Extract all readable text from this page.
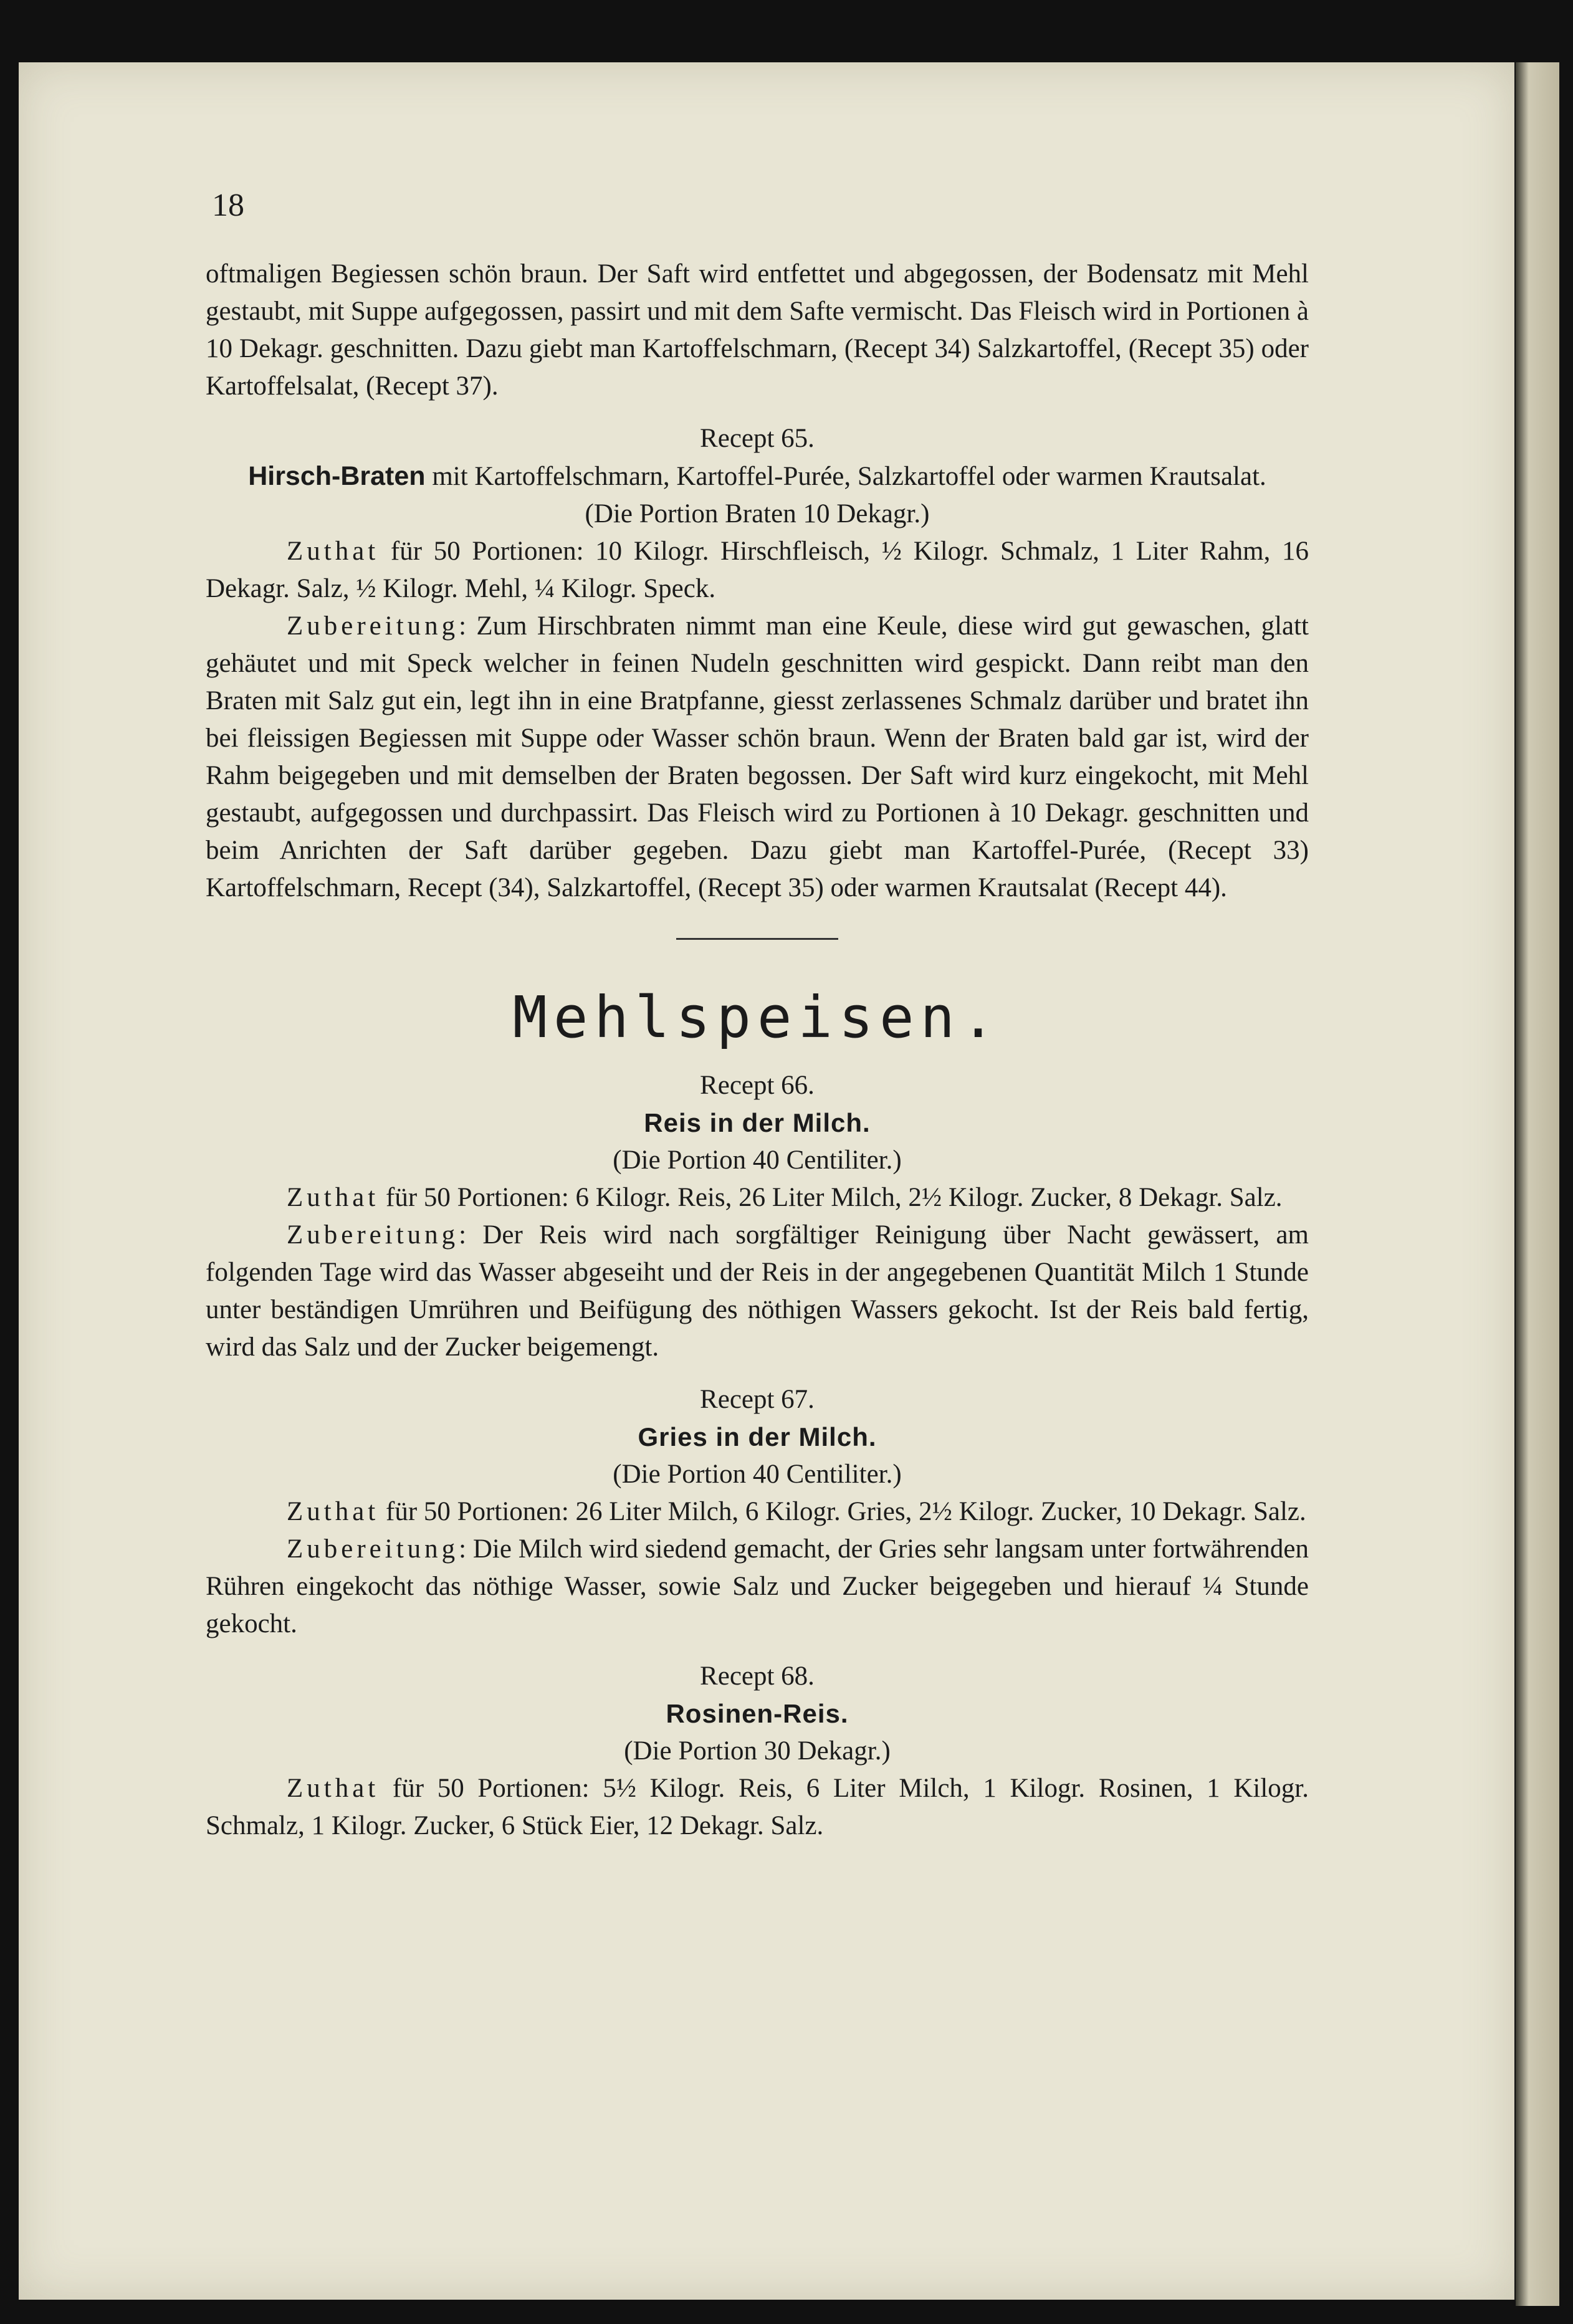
18

oftmaligen Begiessen schön braun. Der Saft wird entfettet und abgegossen, der Bodensatz mit Mehl gestaubt, mit Suppe aufgegossen, passirt und mit dem Safte vermischt. Das Fleisch wird in Portionen à 10 Dekagr. geschnitten. Dazu giebt man Kartoffelschmarn, (Recept 34) Salzkartoffel, (Recept 35) oder Kartoffelsalat, (Recept 37).

Recept 65.

Hirsch-Braten mit Kartoffelschmarn, Kartoffel-Purée, Salzkartoffel oder warmen Krautsalat.

(Die Portion Braten 10 Dekagr.)

Zuthat für 50 Portionen: 10 Kilogr. Hirschfleisch, ½ Kilogr. Schmalz, 1 Liter Rahm, 16 Dekagr. Salz, ½ Kilogr. Mehl, ¼ Kilogr. Speck.

Zubereitung: Zum Hirschbraten nimmt man eine Keule, diese wird gut gewaschen, glatt gehäutet und mit Speck welcher in feinen Nudeln geschnitten wird gespickt. Dann reibt man den Braten mit Salz gut ein, legt ihn in eine Bratpfanne, giesst zerlassenes Schmalz darüber und bratet ihn bei fleissigen Begiessen mit Suppe oder Wasser schön braun. Wenn der Braten bald gar ist, wird der Rahm beigegeben und mit demselben der Braten begossen. Der Saft wird kurz eingekocht, mit Mehl gestaubt, aufgegossen und durchpassirt. Das Fleisch wird zu Portionen à 10 Dekagr. geschnitten und beim Anrichten der Saft darüber gegeben. Dazu giebt man Kartoffel-Purée, (Recept 33) Kartoffelschmarn, Recept (34), Salzkartoffel, (Recept 35) oder warmen Krautsalat (Recept 44).

Mehlspeisen.
Recept 66.
Reis in der Milch.
(Die Portion 40 Centiliter.)

Zuthat für 50 Portionen: 6 Kilogr. Reis, 26 Liter Milch, 2½ Kilogr. Zucker, 8 Dekagr. Salz.

Zubereitung: Der Reis wird nach sorgfältiger Reinigung über Nacht gewässert, am folgenden Tage wird das Wasser abgeseiht und der Reis in der angegebenen Quantität Milch 1 Stunde unter beständigen Umrühren und Beifügung des nöthigen Wassers gekocht. Ist der Reis bald fertig, wird das Salz und der Zucker beigemengt.

Recept 67.
Gries in der Milch.
(Die Portion 40 Centiliter.)

Zuthat für 50 Portionen: 26 Liter Milch, 6 Kilogr. Gries, 2½ Kilogr. Zucker, 10 Dekagr. Salz.

Zubereitung: Die Milch wird siedend gemacht, der Gries sehr langsam unter fortwährenden Rühren eingekocht das nöthige Wasser, sowie Salz und Zucker beigegeben und hierauf ¼ Stunde gekocht.

Recept 68.
Rosinen-Reis.
(Die Portion 30 Dekagr.)

Zuthat für 50 Portionen: 5½ Kilogr. Reis, 6 Liter Milch, 1 Kilogr. Rosinen, 1 Kilogr. Schmalz, 1 Kilogr. Zucker, 6 Stück Eier, 12 Dekagr. Salz.
